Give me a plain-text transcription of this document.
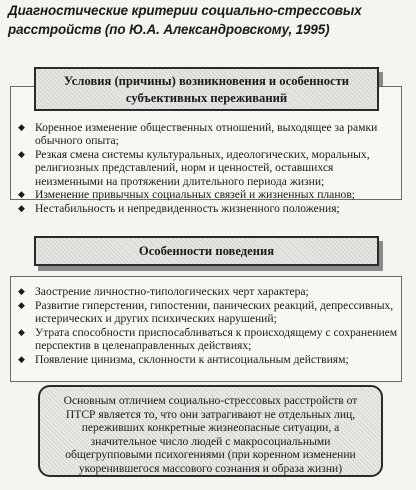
Диагностические критерии социально-стрессовых расстройств (по Ю.А. Александровскому, 1995)
Условия (причины) возникновения и особенности субъективных переживаний
◆ Коренное изменение общественных отношений, выходящее за рамки обычного опыта;
◆ Резкая смена системы культуральных, идеологических, моральных, религиозных представлений, норм и ценностей, оставшихся неизменными на протяжении длительного периода жизни;
◆ Изменение привычных социальных связей и жизненных планов;
◆ Нестабильность и непредвиденность жизненного положения;
Особенности поведения
◆ Заострение личностно-типологических черт характера;
◆ Развитие гиперстении, гипостении, панических реакций, депрессивных, истерических и других психических нарушений;
◆ Утрата способности приспосабливаться к происходящему с сохранением перспектив в целенаправленных действиях;
◆ Появление цинизма, склонности к антисоциальным действиям;
Основным отличием социально-стрессовых расстройств от ПТСР является то, что они затрагивают не отдельных лиц, переживших конкретные жизнеопасные ситуации, а значительное число людей с макросоциальными общегрупповыми психогениями (при коренном изменении укоренившегося массового сознания и образа жизни)
